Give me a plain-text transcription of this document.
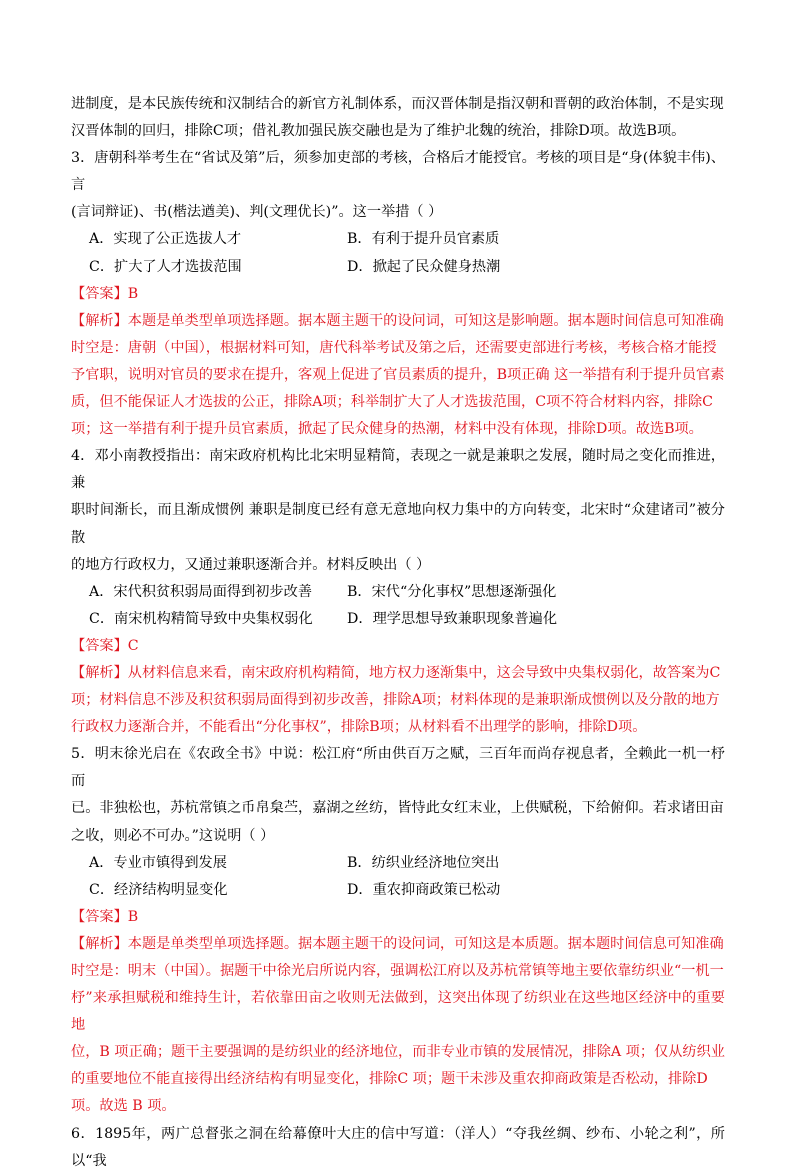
进制度，是本民族传统和汉制结合的新官方礼制体系，而汉晋体制是指汉朝和晋朝的政治体制，不是实现
汉晋体制的回归，排除C项；借礼教加强民族交融也是为了维护北魏的统治，排除D项。故选B项。
3．唐朝科举考生在“省试及第”后，须参加吏部的考核，合格后才能授官。考核的项目是“身(体貌丰伟)、言
(言词辩证)、书(楷法遒美)、判(文理优长)”。这一举措（ ）
A．实现了公正选拔人才	B．有利于提升员官素质
C．扩大了人才选拔范围	D．掀起了民众健身热潮
【答案】B
【解析】本题是单类型单项选择题。据本题主题干的设问词，可知这是影响题。据本题时间信息可知准确
时空是：唐朝（中国），根据材料可知，唐代科举考试及第之后，还需要吏部进行考核，考核合格才能授
予官职，说明对官员的要求在提升，客观上促进了官员素质的提升，B项正确 这一举措有利于提升员官素
质，但不能保证人才选拔的公正，排除A项；科举制扩大了人才选拔范围，C项不符合材料内容，排除C
项；这一举措有利于提升员官素质，掀起了民众健身的热潮，材料中没有体现，排除D项。故选B项。
4．邓小南教授指出：南宋政府机构比北宋明显精简，表现之一就是兼职之发展，随时局之变化而推进，兼
职时间渐长，而且渐成惯例 兼职是制度已经有意无意地向权力集中的方向转变，北宋时“众建诸司”被分散
的地方行政权力，又通过兼职逐渐合并。材料反映出（ ）
A．宋代积贫积弱局面得到初步改善	B．宋代“分化事权”思想逐渐强化
C．南宋机构精简导致中央集权弱化	D．理学思想导致兼职现象普遍化
【答案】C
【解析】从材料信息来看，南宋政府机构精简，地方权力逐渐集中，这会导致中央集权弱化，故答案为C
项；材料信息不涉及积贫积弱局面得到初步改善，排除A项；材料体现的是兼职渐成惯例以及分散的地方
行政权力逐渐合并，不能看出“分化事权”，排除B项；从材料看不出理学的影响，排除D项。
5．明末徐光启在《农政全书》中说：松江府“所由供百万之赋，三百年而尚存视息者，全赖此一机一杼而
已。非独松也，苏杭常镇之币帛枲苎，嘉湖之丝纺，皆恃此女红末业，上供赋税，下给俯仰。若求诸田亩
之收，则必不可办。”这说明（ ）
A．专业市镇得到发展	B．纺织业经济地位突出
C．经济结构明显变化	D．重农抑商政策已松动
【答案】B
【解析】本题是单类型单项选择题。据本题主题干的设问词，可知这是本质题。据本题时间信息可知准确
时空是：明末（中国）。据题干中徐光启所说内容，强调松江府以及苏杭常镇等地主要依靠纺织业“一机一
杼”来承担赋税和维持生计，若依靠田亩之收则无法做到，这突出体现了纺织业在这些地区经济中的重要地
位，B 项正确；题干主要强调的是纺织业的经济地位，而非专业市镇的发展情况，排除A 项；仅从纺织业
的重要地位不能直接得出经济结构有明显变化，排除C 项；题干未涉及重农抑商政策是否松动，排除D
项。故选 B 项。
6．1895年，两广总督张之洞在给幕僚叶大庄的信中写道：（洋人）“夺我丝绸、纱布、小轮之利”，所以“我
